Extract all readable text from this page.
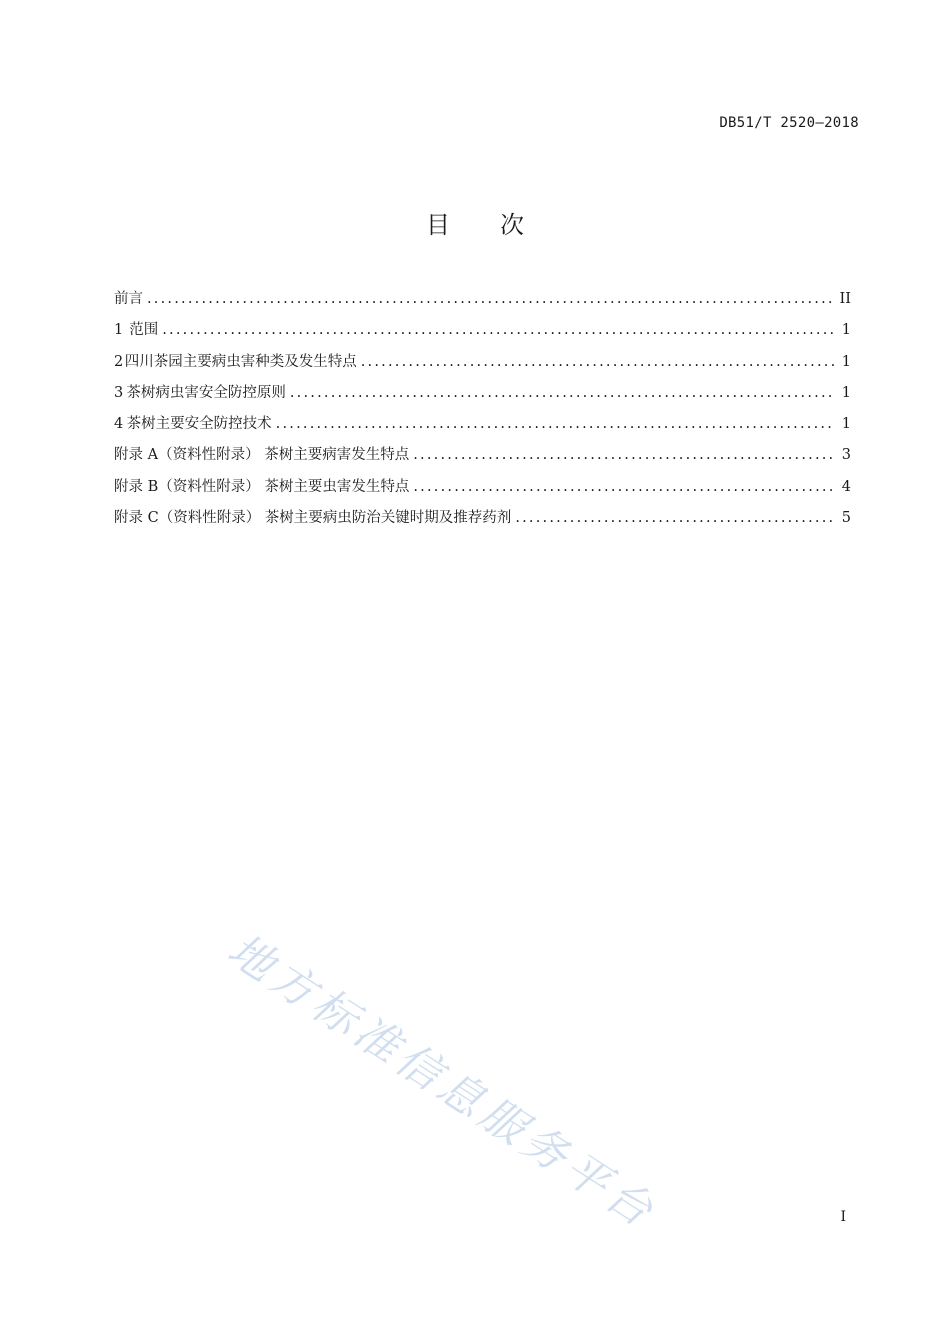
DB51/T 2520—2018
目 次
前言 .....	II
1 范围 .....	1
2 四川茶园主要病虫害种类及发生特点 .....	1
3 茶树病虫害安全防控原则 .....	1
4 茶树主要安全防控技术 .....	1
附录 A（资料性附录） 茶树主要病害发生特点 .....	3
附录 B（资料性附录） 茶树主要虫害发生特点 .....	4
附录 C（资料性附录） 茶树主要病虫防治关键时期及推荐药剂 .....	5
地方标准信息服务平台	I
